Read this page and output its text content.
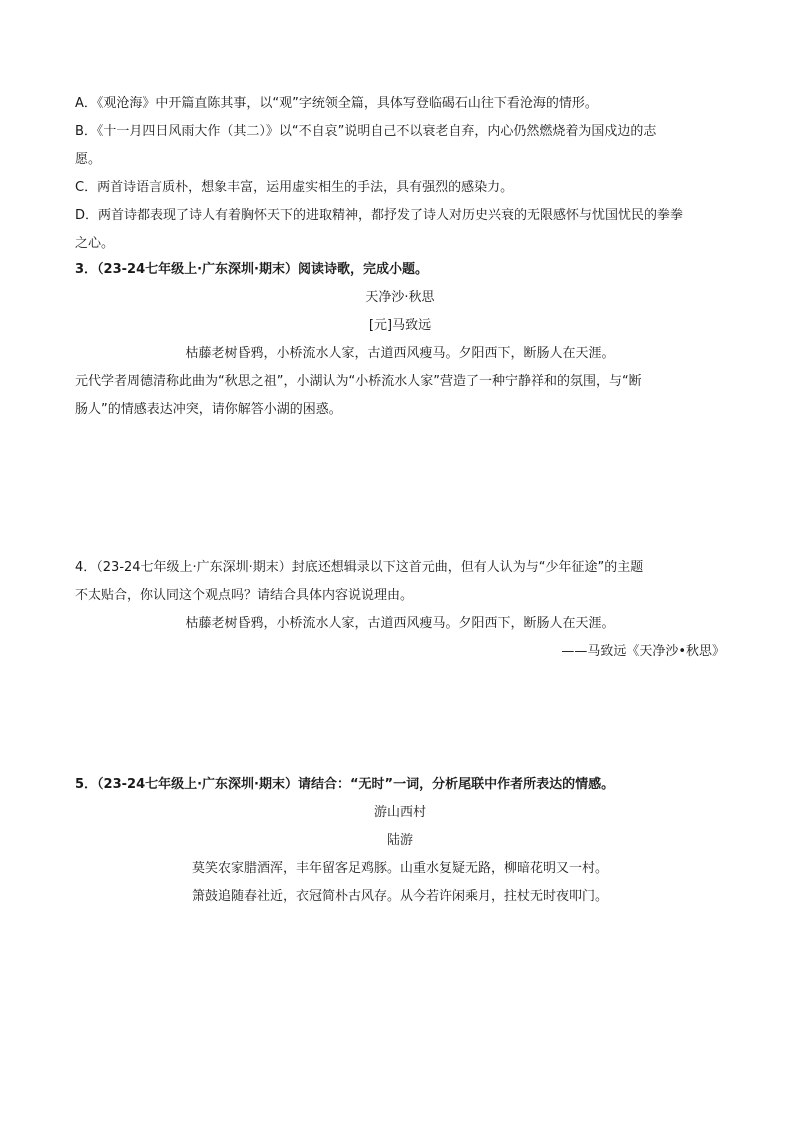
A．《观沧海》中开篇直陈其事，以“观”字统领全篇，具体写登临碣石山往下看沧海的情形。
B．《十一月四日风雨大作（其二）》以“不自哀”说明自己不以衰老自弃，内心仍然燃烧着为国戍边的志
愿。
C．两首诗语言质朴，想象丰富，运用虚实相生的手法，具有强烈的感染力。
D．两首诗都表现了诗人有着胸怀天下的进取精神，都抒发了诗人对历史兴衰的无限感怀与忧国忧民的拳拳
之心。
3．（23-24七年级上·广东深圳·期末）阅读诗歌，完成小题。
天净沙·秋思
[元]马致远
枯藤老树昏鸦，小桥流水人家，古道西风瘦马。夕阳西下，断肠人在天涯。
元代学者周德清称此曲为“秋思之祖”，小湖认为“小桥流水人家”营造了一种宁静祥和的氛围，与“断
肠人”的情感表达冲突，请你解答小湖的困惑。
4．（23-24七年级上·广东深圳·期末）封底还想辑录以下这首元曲，但有人认为与“少年征途”的主题
不太贴合，你认同这个观点吗？请结合具体内容说说理由。
枯藤老树昏鸦，小桥流水人家，古道西风瘦马。夕阳西下，断肠人在天涯。
——马致远《天净沙•秋思》
5．（23-24七年级上·广东深圳·期末）请结合：“无时”一词，分析尾联中作者所表达的情感。
游山西村
陆游
莫笑农家腊酒浑，丰年留客足鸡豚。山重水复疑无路，柳暗花明又一村。
箫鼓追随春社近，衣冠简朴古风存。从今若许闲乘月，拄杖无时夜叩门。
